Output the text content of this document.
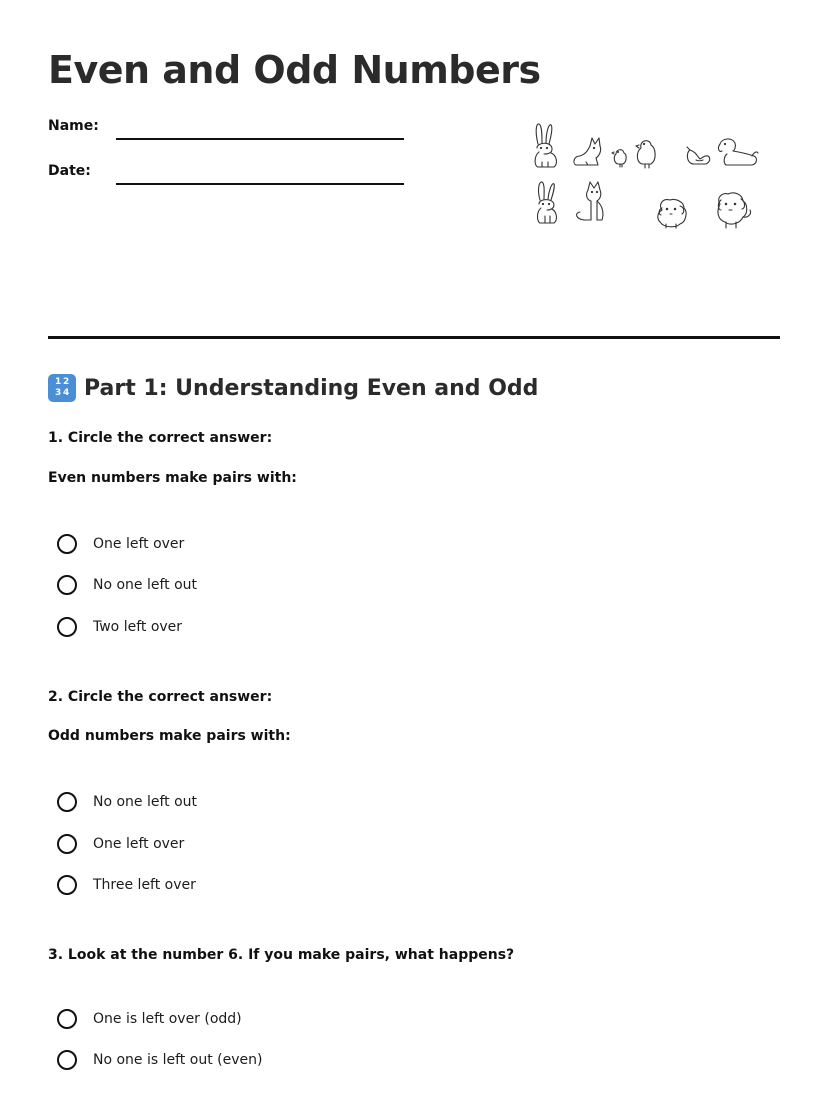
Even and Odd Numbers
Name:
Date:
1 2
3 4 Part 1: Understanding Even and Odd
1. Circle the correct answer:
Even numbers make pairs with:
One left over
No one left out
Two left over
2. Circle the correct answer:
Odd numbers make pairs with:
No one left out
One left over
Three left over
3. Look at the number 6. If you make pairs, what happens?
One is left over (odd)
No one is left out (even)
